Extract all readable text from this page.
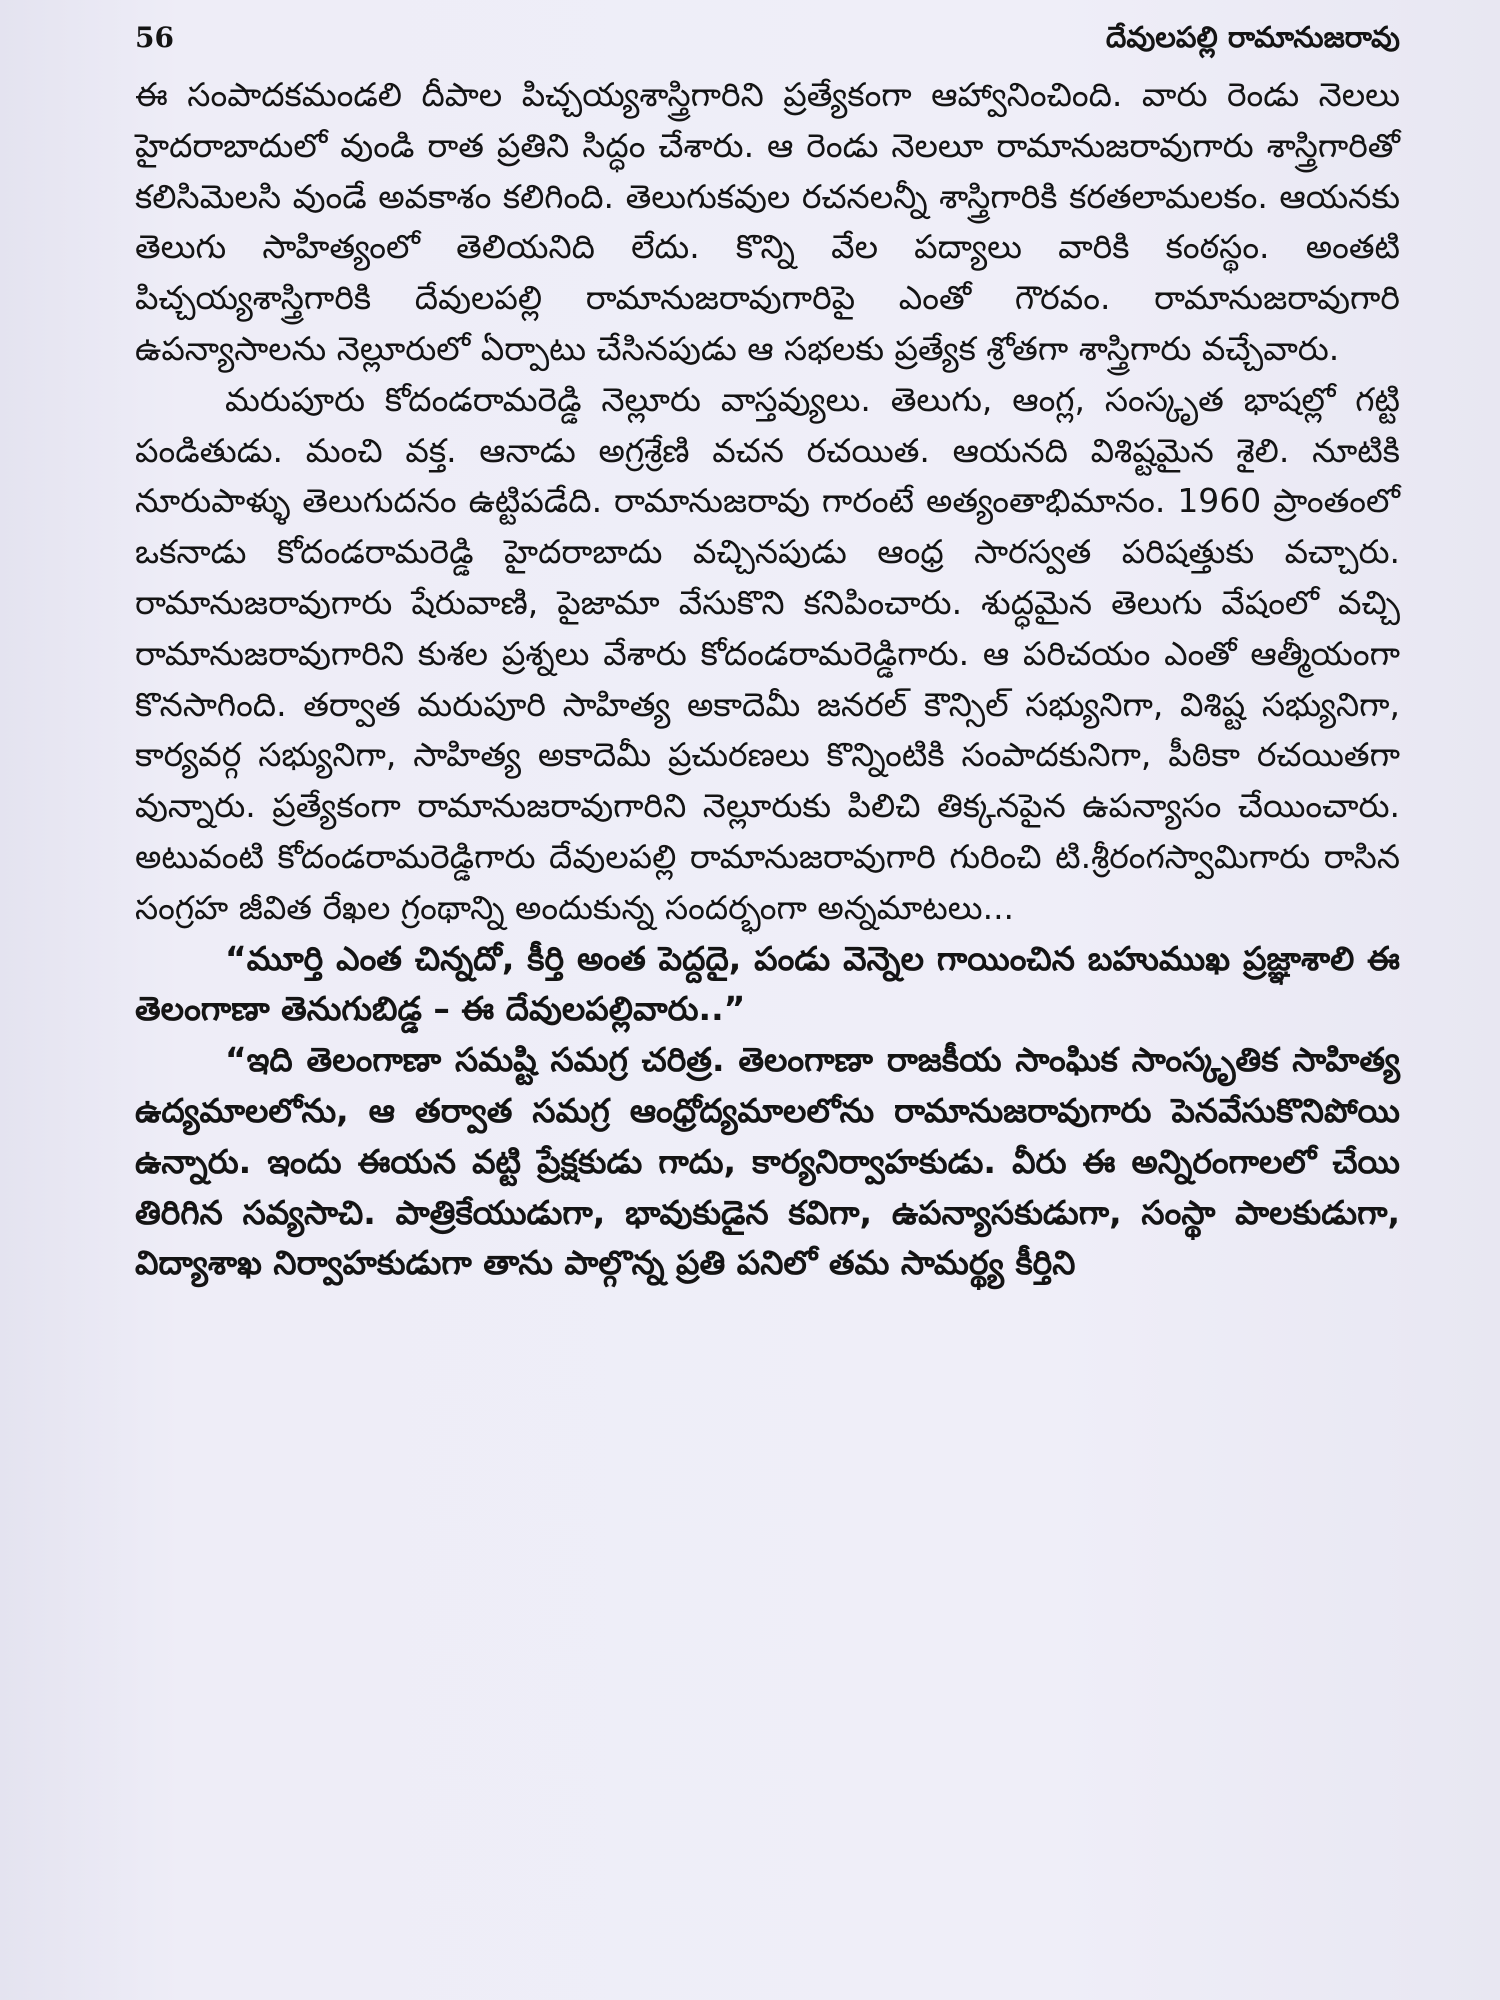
56	దేవులపల్లి రామానుజరావు

ఈ సంపాదకమండలి దీపాల పిచ్చయ్యశాస్త్రిగారిని ప్రత్యేకంగా ఆహ్వానించింది. వారు రెండు నెలలు హైదరాబాదులో వుండి రాత ప్రతిని సిద్ధం చేశారు. ఆ రెండు నెలలూ రామానుజరావుగారు శాస్త్రిగారితో కలిసిమెలసి వుండే అవకాశం కలిగింది. తెలుగుకవుల రచనలన్నీ శాస్త్రిగారికి కరతలామలకం. ఆయనకు తెలుగు సాహిత్యంలో తెలియనిది లేదు. కొన్ని వేల పద్యాలు వారికి కంఠస్థం. అంతటి పిచ్చయ్యశాస్త్రిగారికి దేవులపల్లి రామానుజరావుగారిపై ఎంతో గౌరవం. రామానుజరావుగారి ఉపన్యాసాలను నెల్లూరులో ఏర్పాటు చేసినపుడు ఆ సభలకు ప్రత్యేక శ్రోతగా శాస్త్రిగారు వచ్చేవారు.

మరుపూరు కోదండరామరెడ్డి నెల్లూరు వాస్తవ్యులు. తెలుగు, ఆంగ్ల, సంస్కృత భాషల్లో గట్టి పండితుడు. మంచి వక్త. ఆనాడు అగ్రశ్రేణి వచన రచయిత. ఆయనది విశిష్టమైన శైలి. నూటికి నూరుపాళ్ళు తెలుగుదనం ఉట్టిపడేది. రామానుజరావు గారంటే అత్యంతాభిమానం. 1960 ప్రాంతంలో ఒకనాడు కోదండరామరెడ్డి హైదరాబాదు వచ్చినపుడు ఆంధ్ర సారస్వత పరిషత్తుకు వచ్చారు. రామానుజరావుగారు షేరువాణి, పైజామా వేసుకొని కనిపించారు. శుద్ధమైన తెలుగు వేషంలో వచ్చి రామానుజరావుగారిని కుశల ప్రశ్నలు వేశారు కోదండరామరెడ్డిగారు. ఆ పరిచయం ఎంతో ఆత్మీయంగా కొనసాగింది. తర్వాత మరుపూరి సాహిత్య అకాదెమీ జనరల్ కౌన్సిల్ సభ్యునిగా, విశిష్ట సభ్యునిగా, కార్యవర్గ సభ్యునిగా, సాహిత్య అకాదెమీ ప్రచురణలు కొన్నింటికి సంపాదకునిగా, పీఠికా రచయితగా వున్నారు. ప్రత్యేకంగా రామానుజరావుగారిని నెల్లూరుకు పిలిచి తిక్కనపైన ఉపన్యాసం చేయించారు. అటువంటి కోదండరామరెడ్డిగారు దేవులపల్లి రామానుజరావుగారి గురించి టి.శ్రీరంగస్వామిగారు రాసిన సంగ్రహ జీవిత రేఖల గ్రంథాన్ని అందుకున్న సందర్భంగా అన్నమాటలు...

“మూర్తి ఎంత చిన్నదో, కీర్తి అంత పెద్దదై, పండు వెన్నెల గాయించిన బహుముఖ ప్రజ్ఞాశాలి ఈ తెలంగాణా తెనుగుబిడ్డ – ఈ దేవులపల్లివారు..”

“ఇది తెలంగాణా సమష్టి సమగ్ర చరిత్ర. తెలంగాణా రాజకీయ సాంఘిక సాంస్కృతిక సాహిత్య ఉద్యమాలలోను, ఆ తర్వాత సమగ్ర ఆంధ్రోద్యమాలలోను రామానుజరావుగారు పెనవేసుకొనిపోయి ఉన్నారు. ఇందు ఈయన వట్టి ప్రేక్షకుడు గాదు, కార్యనిర్వాహకుడు. వీరు ఈ అన్నిరంగాలలో చేయి తిరిగిన సవ్యసాచి. పాత్రికేయుడుగా, భావుకుడైన కవిగా, ఉపన్యాసకుడుగా, సంస్థా పాలకుడుగా, విద్యాశాఖ నిర్వాహకుడుగా తాను పాల్గొన్న ప్రతి పనిలో తమ సామర్థ్య కీర్తిని
